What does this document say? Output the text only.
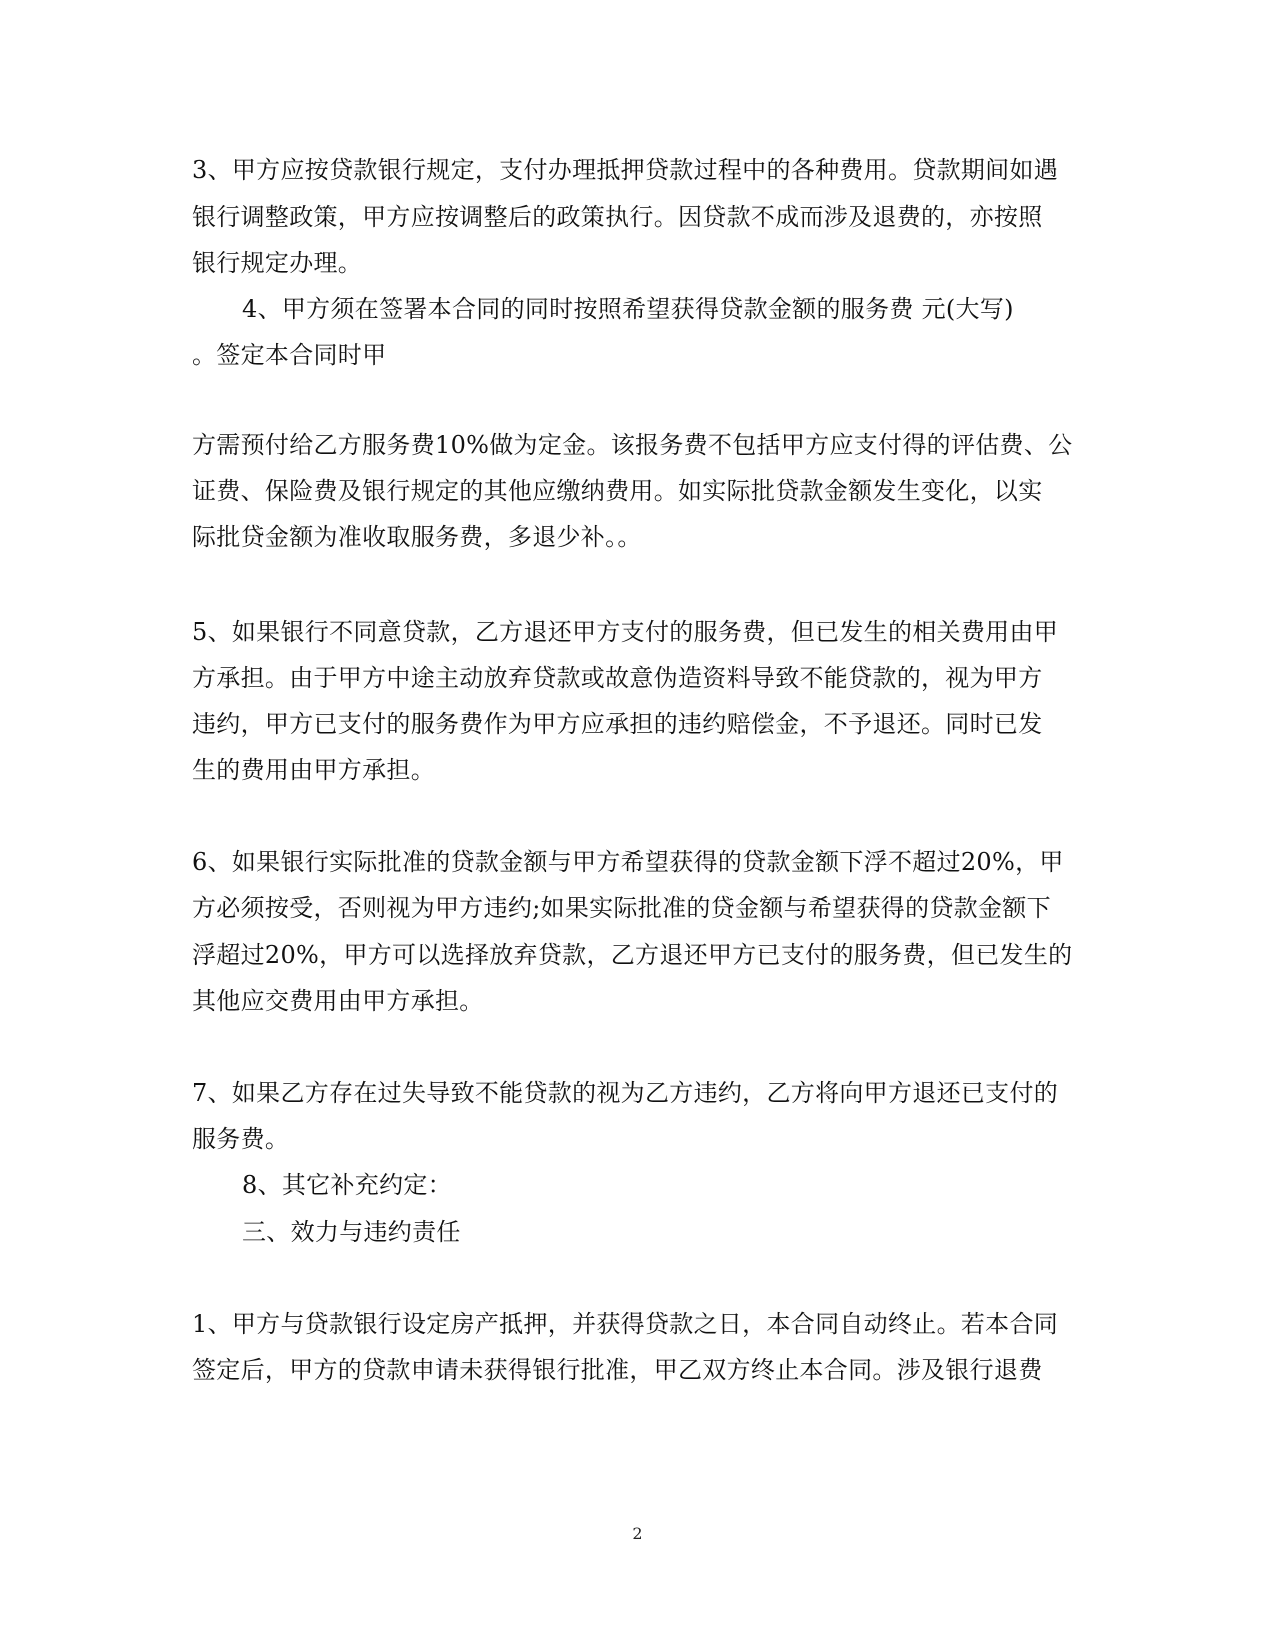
3、甲方应按贷款银行规定，支付办理抵押贷款过程中的各种费用。贷款期间如遇
银行调整政策，甲方应按调整后的政策执行。因贷款不成而涉及退费的，亦按照
银行规定办理。
4、甲方须在签署本合同的同时按照希望获得贷款金额的服务费 元(大写)
。签定本合同时甲
方需预付给乙方服务费10%做为定金。该报务费不包括甲方应支付得的评估费、公
证费、保险费及银行规定的其他应缴纳费用。如实际批贷款金额发生变化，以实
际批贷金额为准收取服务费，多退少补。。
5、如果银行不同意贷款，乙方退还甲方支付的服务费，但已发生的相关费用由甲
方承担。由于甲方中途主动放弃贷款或故意伪造资料导致不能贷款的，视为甲方
违约，甲方已支付的服务费作为甲方应承担的违约赔偿金，不予退还。同时已发
生的费用由甲方承担。
6、如果银行实际批准的贷款金额与甲方希望获得的贷款金额下浮不超过20%，甲
方必须按受，否则视为甲方违约;如果实际批准的贷金额与希望获得的贷款金额下
浮超过20%，甲方可以选择放弃贷款，乙方退还甲方已支付的服务费，但已发生的
其他应交费用由甲方承担。
7、如果乙方存在过失导致不能贷款的视为乙方违约，乙方将向甲方退还已支付的
服务费。
8、其它补充约定：
三、效力与违约责任
1、甲方与贷款银行设定房产抵押，并获得贷款之日，本合同自动终止。若本合同
签定后，甲方的贷款申请未获得银行批准，甲乙双方终止本合同。涉及银行退费
2
